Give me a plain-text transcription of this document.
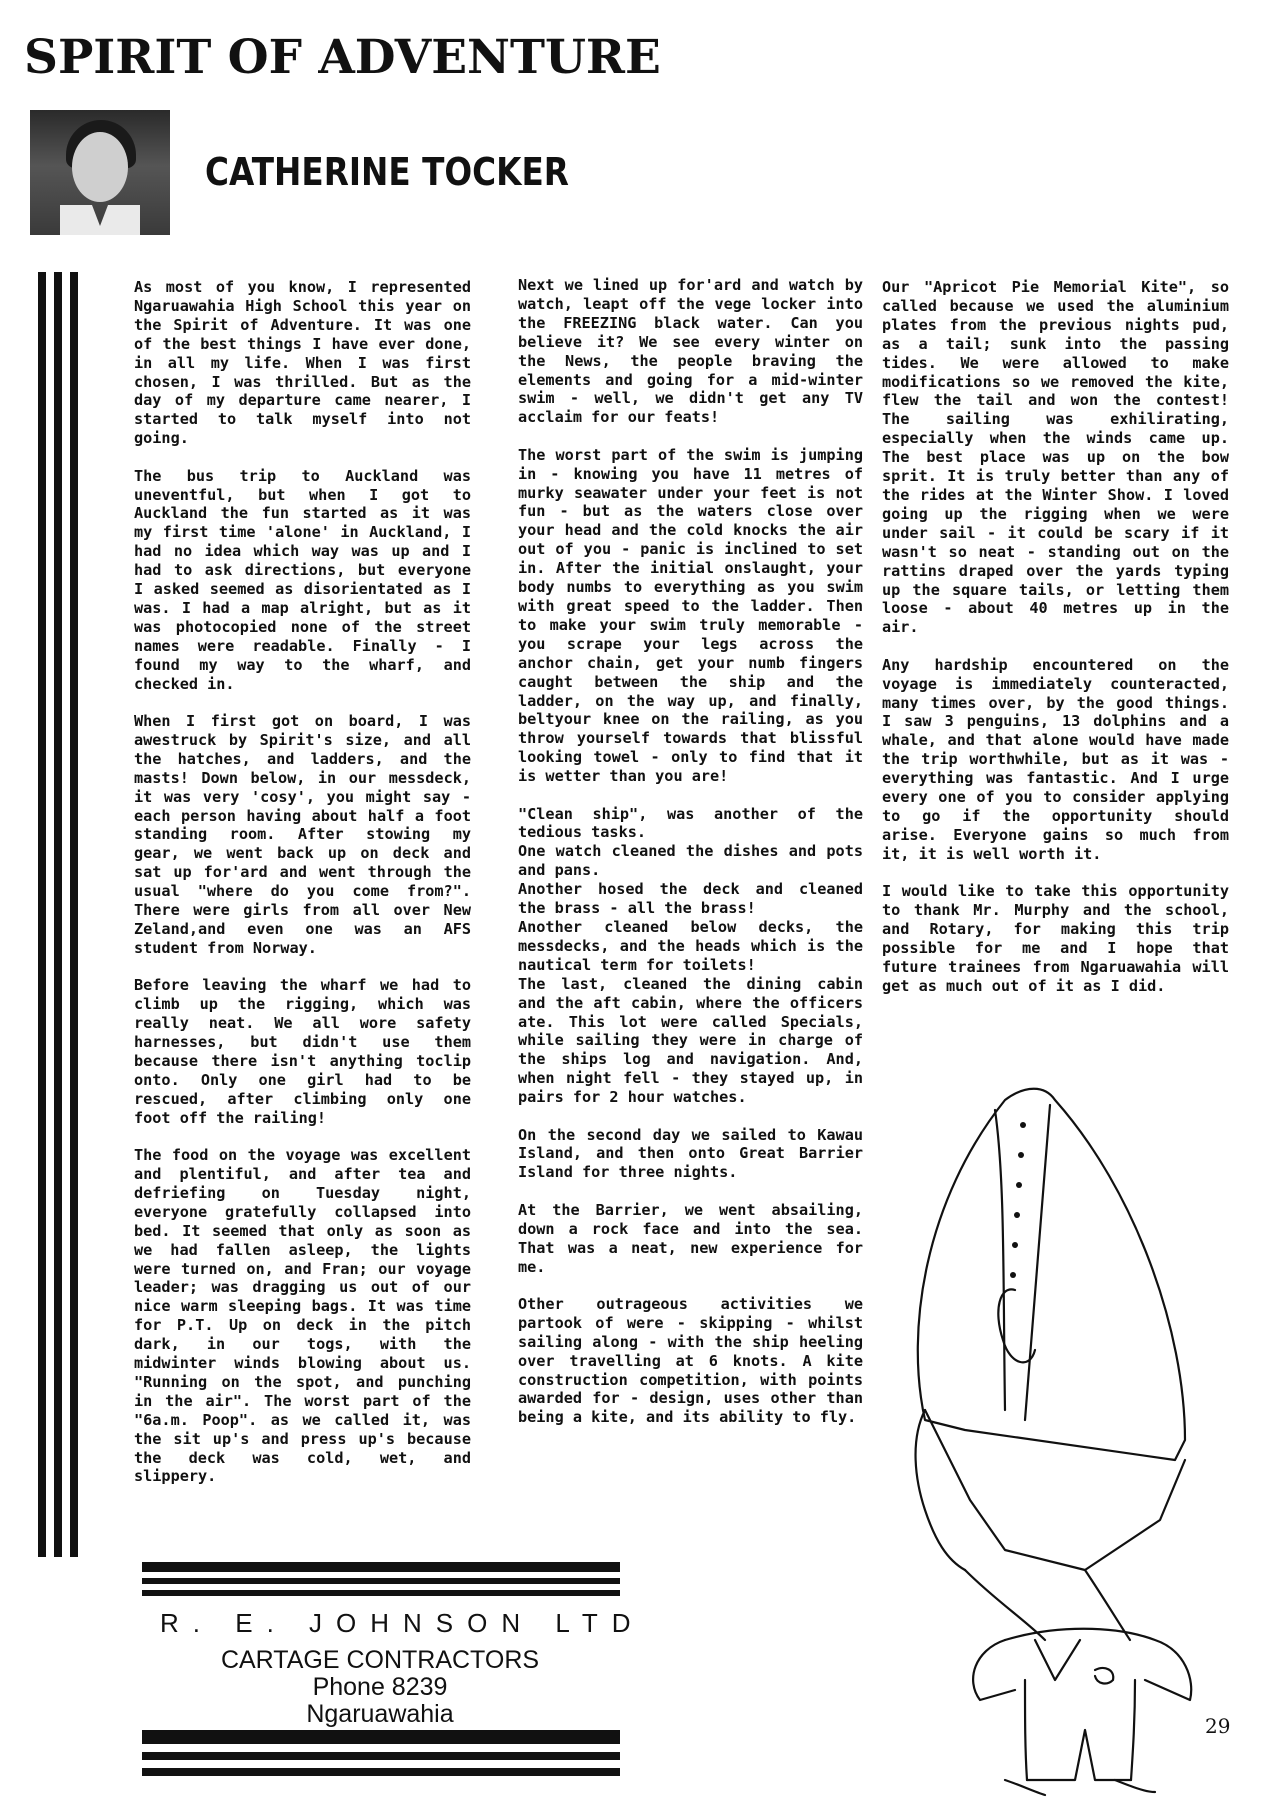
SPIRIT OF ADVENTURE
CATHERINE TOCKER

As most of you know, I represented Ngaruawahia High School this year on the Spirit of Adventure. It was one of the best things I have ever done, in all my life. When I was first chosen, I was thrilled. But as the day of my departure came nearer, I started to talk myself into not going.

The bus trip to Auckland was uneventful, but when I got to Auckland the fun started as it was my first time 'alone' in Auckland, I had no idea which way was up and I had to ask directions, but everyone I asked seemed as disorientated as I was. I had a map alright, but as it was photocopied none of the street names were readable. Finally - I found my way to the wharf, and checked in.

When I first got on board, I was awestruck by Spirit's size, and all the hatches, and ladders, and the masts! Down below, in our messdeck, it was very 'cosy', you might say - each person having about half a foot standing room. After stowing my gear, we went back up on deck and sat up for'ard and went through the usual "where do you come from?". There were girls from all over New Zeland,and even one was an AFS student from Norway.

Before leaving the wharf we had to climb up the rigging, which was really neat. We all wore safety harnesses, but didn't use them because there isn't anything toclip onto. Only one girl had to be rescued, after climbing only one foot off the railing!

The food on the voyage was excellent and plentiful, and after tea and defriefing on Tuesday night, everyone gratefully collapsed into bed. It seemed that only as soon as we had fallen asleep, the lights were turned on, and Fran; our voyage leader; was dragging us out of our nice warm sleeping bags. It was time for P.T. Up on deck in the pitch dark, in our togs, with the midwinter winds blowing about us. "Running on the spot, and punching in the air". The worst part of the "6a.m. Poop". as we called it, was the sit up's and press up's because the deck was cold, wet, and slippery.

Next we lined up for'ard and watch by watch, leapt off the vege locker into the FREEZING black water. Can you believe it? We see every winter on the News, the people braving the elements and going for a mid-winter swim - well, we didn't get any TV acclaim for our feats!

The worst part of the swim is jumping in - knowing you have 11 metres of murky seawater under your feet is not fun - but as the waters close over your head and the cold knocks the air out of you - panic is inclined to set in. After the initial onslaught, your body numbs to everything as you swim with great speed to the ladder. Then to make your swim truly memorable - you scrape your legs across the anchor chain, get your numb fingers caught between the ship and the ladder, on the way up, and finally, beltyour knee on the railing, as you throw yourself towards that blissful looking towel - only to find that it is wetter than you are!

"Clean ship", was another of the tedious tasks.
One watch cleaned the dishes and pots and pans.
Another hosed the deck and cleaned the brass - all the brass!
Another cleaned below decks, the messdecks, and the heads which is the nautical term for toilets!
The last, cleaned the dining cabin and the aft cabin, where the officers ate. This lot were called Specials, while sailing they were in charge of the ships log and navigation. And, when night fell - they stayed up, in pairs for 2 hour watches.

On the second day we sailed to Kawau Island, and then onto Great Barrier Island for three nights.

At the Barrier, we went absailing, down a rock face and into the sea. That was a neat, new experience for me.

Other outrageous activities we partook of were - skipping - whilst sailing along - with the ship heeling over travelling at 6 knots. A kite construction competition, with points awarded for - design, uses other than being a kite, and its ability to fly.

Our "Apricot Pie Memorial Kite", so called because we used the aluminium plates from the previous nights pud, as a tail; sunk into the passing tides. We were allowed to make modifications so we removed the kite, flew the tail and won the contest! The sailing was exhilirating, especially when the winds came up. The best place was up on the bow sprit. It is truly better than any of the rides at the Winter Show. I loved going up the rigging when we were under sail - it could be scary if it wasn't so neat - standing out on the rattins draped over the yards typing up the square tails, or letting them loose - about 40 metres up in the air.

Any hardship encountered on the voyage is immediately counteracted, many times over, by the good things. I saw 3 penguins, 13 dolphins and a whale, and that alone would have made the trip worthwhile, but as it was - everything was fantastic. And I urge every one of you to consider applying to go if the opportunity should arise. Everyone gains so much from it, it is well worth it.

I would like to take this opportunity to thank Mr. Murphy and the school, and Rotary, for making this trip possible for me and I hope that future trainees from Ngaruawahia will get as much out of it as I did.

R. E. JOHNSON LTD
CARTAGE CONTRACTORS
Phone 8239
Ngaruawahia	29
